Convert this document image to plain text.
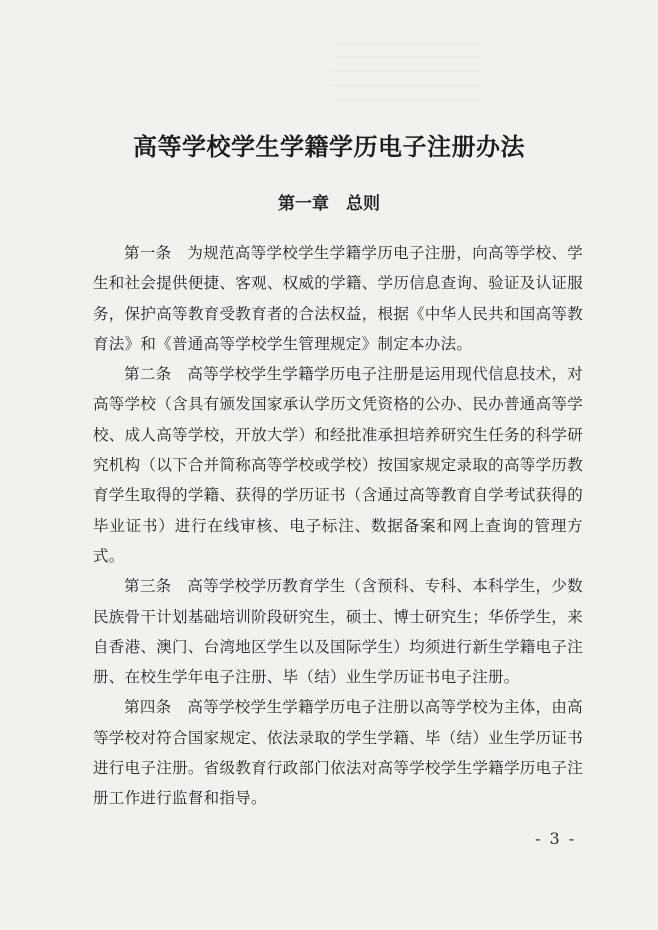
高等学校学生学籍学历电子注册办法
第一章　总则

第一条　 为规范高等学校学生学籍学历电子注册，向高等学校、学生和社会提供便捷、客观、权威的学籍、学历信息查询、验证及认证服务，保护高等教育受教育者的合法权益，根据《中华人民共和国高等教育法》和《普通高等学校学生管理规定》制定本办法。

第二条　 高等学校学生学籍学历电子注册是运用现代信息技术，对高等学校（含具有颁发国家承认学历文凭资格的公办、民办普通高等学校、成人高等学校，开放大学）和经批准承担培养研究生任务的科学研究机构（以下合并简称高等学校或学校）按国家规定录取的高等学历教育学生取得的学籍、获得的学历证书（含通过高等教育自学考试获得的毕业证书）进行在线审核、电子标注、数据备案和网上查询的管理方式。

第三条　 高等学校学历教育学生（含预科、专科、本科学生，少数民族骨干计划基础培训阶段研究生，硕士、博士研究生；华侨学生，来自香港、澳门、台湾地区学生以及国际学生）均须进行新生学籍电子注册、在校生学年电子注册、毕（结）业生学历证书电子注册。

第四条　 高等学校学生学籍学历电子注册以高等学校为主体，由高等学校对符合国家规定、依法录取的学生学籍、毕（结）业生学历证书进行电子注册。省级教育行政部门依法对高等学校学生学籍学历电子注册工作进行监督和指导。

- 3 -
